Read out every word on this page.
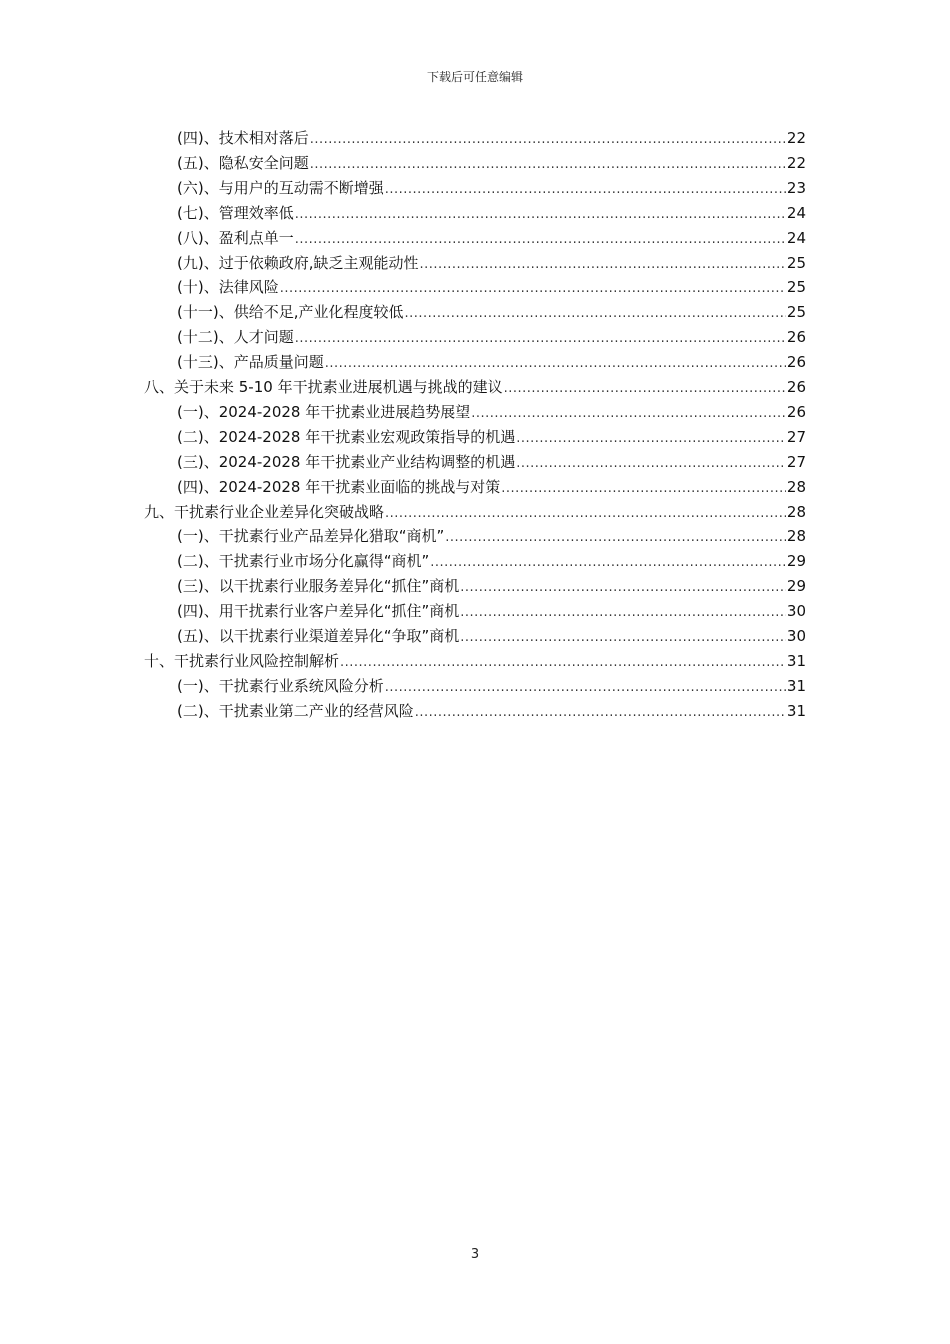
下载后可任意编辑
(四)、技术相对落后 .....	22
(五)、隐私安全问题 .....	22
(六)、与用户的互动需不断增强 .....	23
(七)、管理效率低 .....	24
(八)、盈利点单一 .....	24
(九)、过于依赖政府,缺乏主观能动性 .....	25
(十)、法律风险 .....	25
(十一)、供给不足,产业化程度较低 .....	25
(十二)、人才问题 .....	26
(十三)、产品质量问题 .....	26
八、关于未来 5-10 年干扰素业进展机遇与挑战的建议 .....	26
(一)、2024-2028 年干扰素业进展趋势展望 .....	26
(二)、2024-2028 年干扰素业宏观政策指导的机遇 .....	27
(三)、2024-2028 年干扰素业产业结构调整的机遇 .....	27
(四)、2024-2028 年干扰素业面临的挑战与对策 .....	28
九、干扰素行业企业差异化突破战略 .....	28
(一)、干扰素行业产品差异化猎取“商机” .....	28
(二)、干扰素行业市场分化赢得“商机” .....	29
(三)、以干扰素行业服务差异化“抓住”商机 .....	29
(四)、用干扰素行业客户差异化“抓住”商机 .....	30
(五)、以干扰素行业渠道差异化“争取”商机 .....	30
十、干扰素行业风险控制解析 .....	31
(一)、干扰素行业系统风险分析 .....	31
(二)、干扰素业第二产业的经营风险 .....	31
3
